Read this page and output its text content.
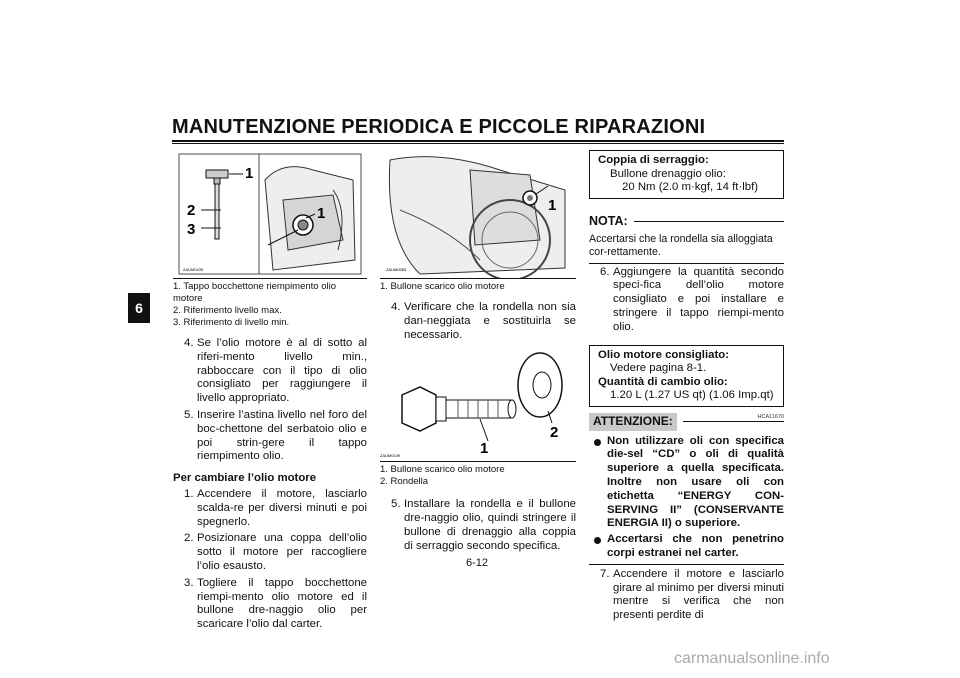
MANUTENZIONE PERIODICA E PICCOLE RIPARAZIONI
6
1
2
3
1
ZAUM0439
1. Tappo bocchettone riempimento olio motore
2. Riferimento livello max.
3. Riferimento di livello min.
4. Se l’olio motore è al di sotto al riferi-mento livello min., rabboccare con il tipo di olio consigliato per raggiungere il livello appropriato.
5. Inserire l’astina livello nel foro del boc-chettone del serbatoio olio e poi strin-gere il tappo riempimento olio.
Per cambiare l’olio motore
1. Accendere il motore, lasciarlo scalda-re per diversi minuti e poi spegnerlo.
2. Posizionare una coppa dell’olio sotto il motore per raccogliere l’olio esausto.
3. Togliere il tappo bocchettone riempi-mento olio motore ed il bullone dre-naggio olio per scaricare l’olio dal carter.
1
ZAUM0583
1. Bullone scarico olio motore
4. Verificare che la rondella non sia dan-neggiata e sostituirla se necessario.
1
2
ZAUM0109
1. Bullone scarico olio motore
2. Rondella
5. Installare la rondella e il bullone dre-naggio olio, quindi stringere il bullone di drenaggio alla coppia di serraggio secondo specifica.
Coppia di serraggio:
Bullone drenaggio olio:
20 Nm (2.0 m·kgf, 14 ft·lbf)
NOTA:
Accertarsi che la rondella sia alloggiata cor-rettamente.
6. Aggiungere la quantità secondo speci-fica dell’olio motore consigliato e poi installare e stringere il tappo riempi-mento olio.
Olio motore consigliato:
Vedere pagina 8-1.
Quantità di cambio olio:
1.20 L (1.27 US qt) (1.06 Imp.qt)
ATTENZIONE:	HCA11670
Non utilizzare oli con specifica die-sel “CD” o oli di qualità superiore a quella specificata. Inoltre non usare oli con etichetta “ENERGY CON-SERVING II” (CONSERVANTE ENERGIA II) o superiore.
Accertarsi che non penetrino corpi estranei nel carter.
7. Accendere il motore e lasciarlo girare al minimo per diversi minuti mentre si verifica che non presenti perdite di
6-12
carmanualsonline.info
